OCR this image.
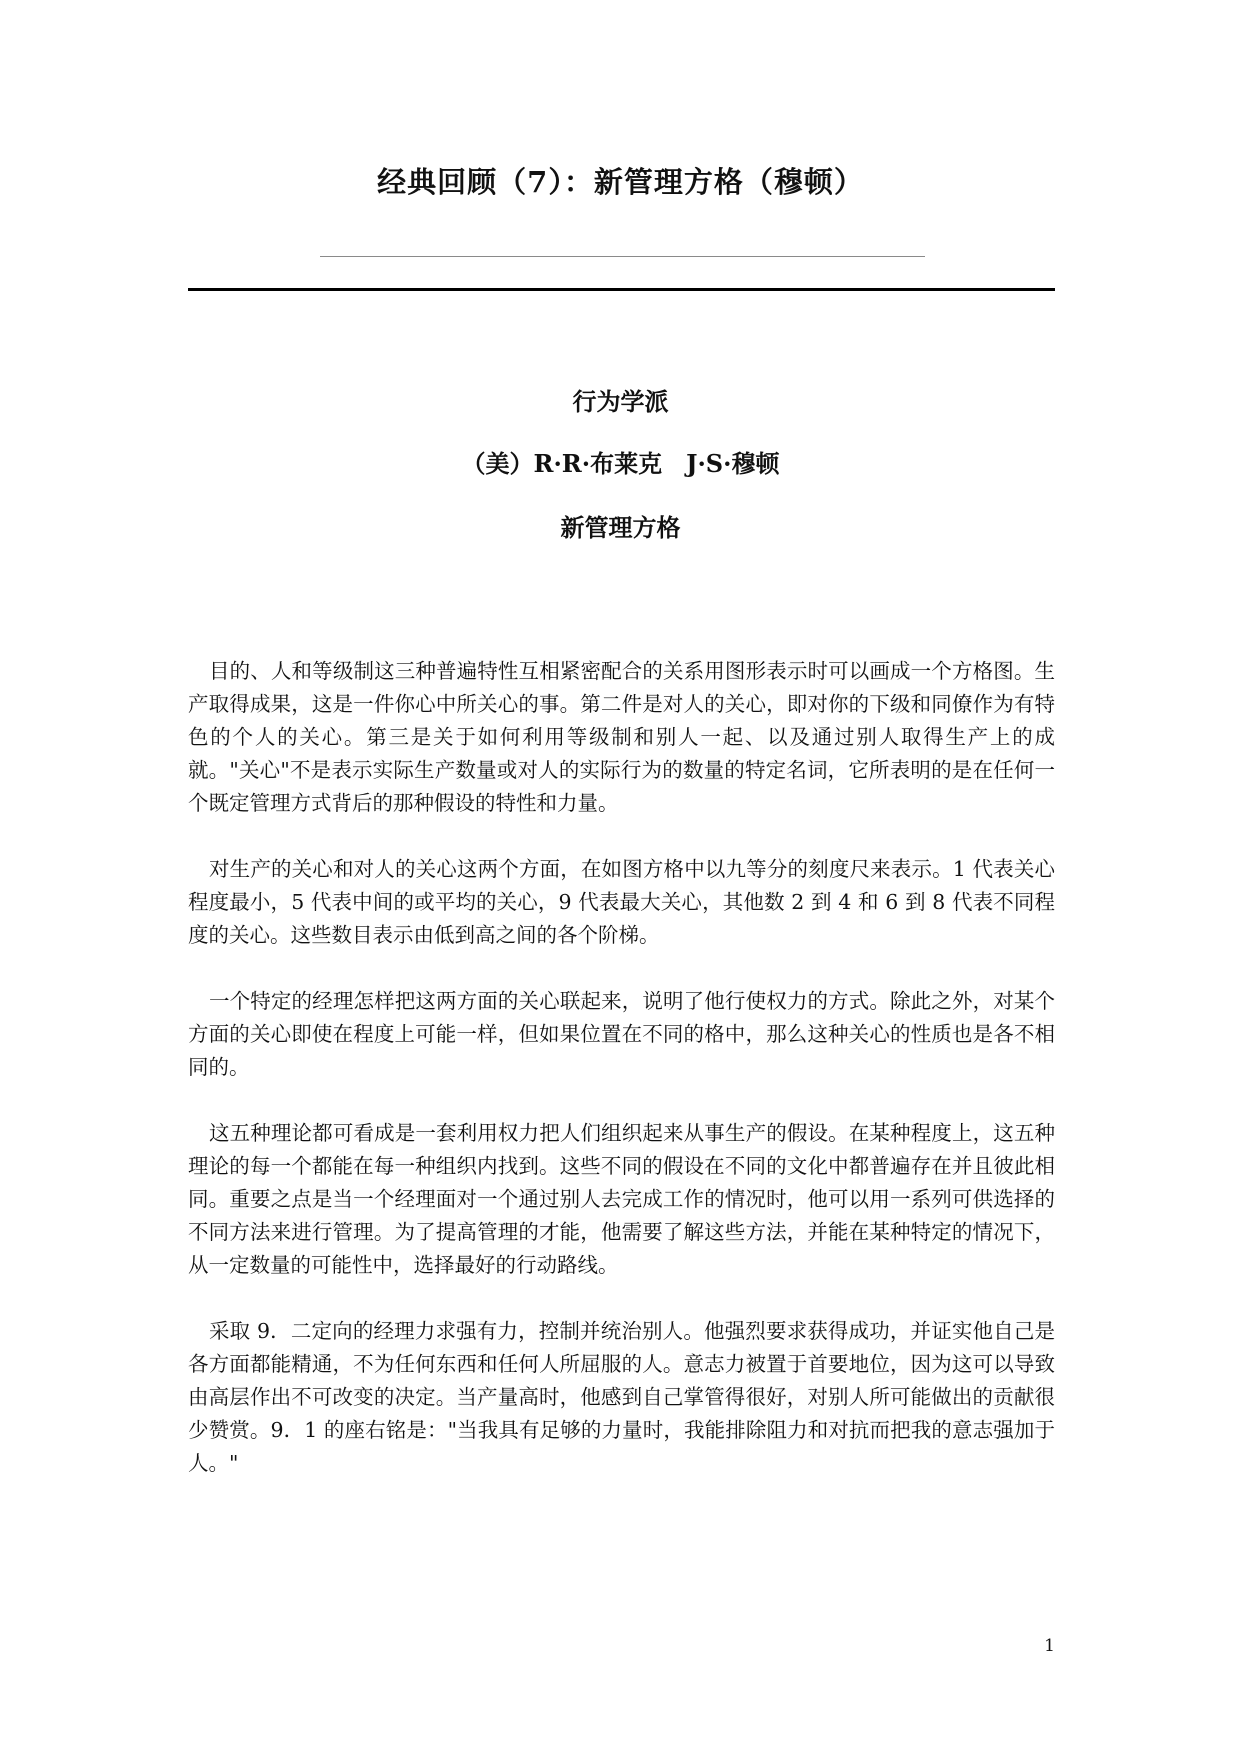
经典回顾（7）：新管理方格（穆顿）
行为学派
（美）R·R·布莱克　J·S·穆顿
新管理方格

目的、人和等级制这三种普遍特性互相紧密配合的关系用图形表示时可以画成一个方格图。生产取得成果，这是一件你心中所关心的事。第二件是对人的关心，即对你的下级和同僚作为有特色的个人的关心。第三是关于如何利用等级制和别人一起、以及通过别人取得生产上的成就。"关心"不是表示实际生产数量或对人的实际行为的数量的特定名词，它所表明的是在任何一个既定管理方式背后的那种假设的特性和力量。

对生产的关心和对人的关心这两个方面，在如图方格中以九等分的刻度尺来表示。1 代表关心程度最小，5 代表中间的或平均的关心，9 代表最大关心，其他数 2 到 4 和 6 到 8 代表不同程度的关心。这些数目表示由低到高之间的各个阶梯。

一个特定的经理怎样把这两方面的关心联起来，说明了他行使权力的方式。除此之外，对某个方面的关心即使在程度上可能一样，但如果位置在不同的格中，那么这种关心的性质也是各不相同的。

这五种理论都可看成是一套利用权力把人们组织起来从事生产的假设。在某种程度上，这五种理论的每一个都能在每一种组织内找到。这些不同的假设在不同的文化中都普遍存在并且彼此相同。重要之点是当一个经理面对一个通过别人去完成工作的情况时，他可以用一系列可供选择的不同方法来进行管理。为了提高管理的才能，他需要了解这些方法，并能在某种特定的情况下，从一定数量的可能性中，选择最好的行动路线。

采取 9．二定向的经理力求强有力，控制并统治别人。他强烈要求获得成功，并证实他自己是各方面都能精通，不为任何东西和任何人所屈服的人。意志力被置于首要地位，因为这可以导致由高层作出不可改变的决定。当产量高时，他感到自己掌管得很好，对别人所可能做出的贡献很少赞赏。9．1 的座右铭是："当我具有足够的力量时，我能排除阻力和对抗而把我的意志强加于人。"

1
